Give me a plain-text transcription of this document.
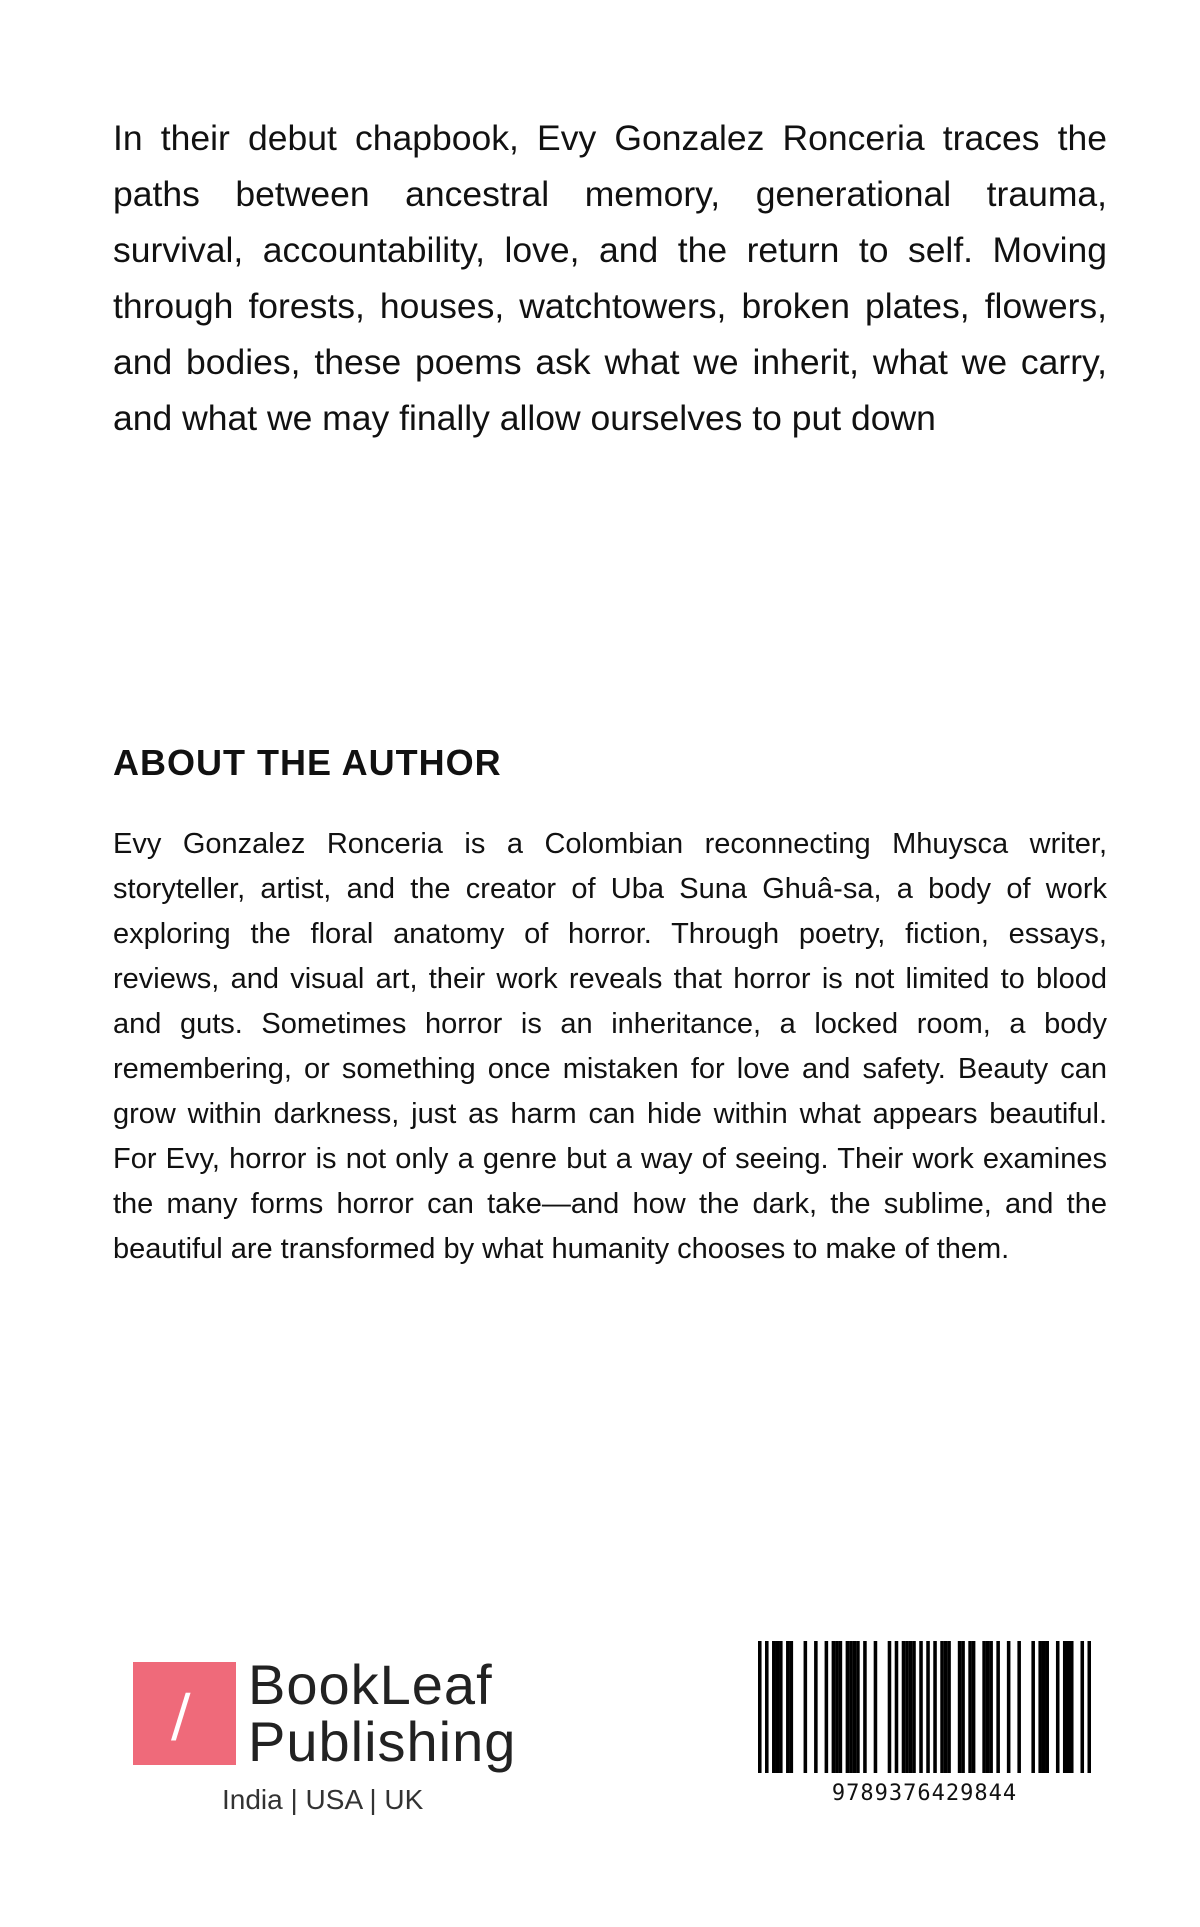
In their debut chapbook, Evy Gonzalez Ronceria traces the paths between ancestral memory, generational trauma, survival, accountability, love, and the return to self. Moving through forests, houses, watchtowers, broken plates, flowers, and bodies, these poems ask what we inherit, what we carry, and what we may finally allow ourselves to put down

ABOUT THE AUTHOR

Evy Gonzalez Ronceria is a Colombian reconnecting Mhuysca writer, storyteller, artist, and the creator of Uba Suna Ghuâ-sa, a body of work exploring the floral anatomy of horror. Through poetry, fiction, essays, reviews, and visual art, their work reveals that horror is not limited to blood and guts. Sometimes horror is an inheritance, a locked room, a body remembering, or something once mistaken for love and safety. Beauty can grow within darkness, just as harm can hide within what appears beautiful. For Evy, horror is not only a genre but a way of seeing. Their work examines the many forms horror can take—and how the dark, the sublime, and the beautiful are transformed by what humanity chooses to make of them.

/ BookLeaf
Publishing
India | USA | UK	9789376429844
